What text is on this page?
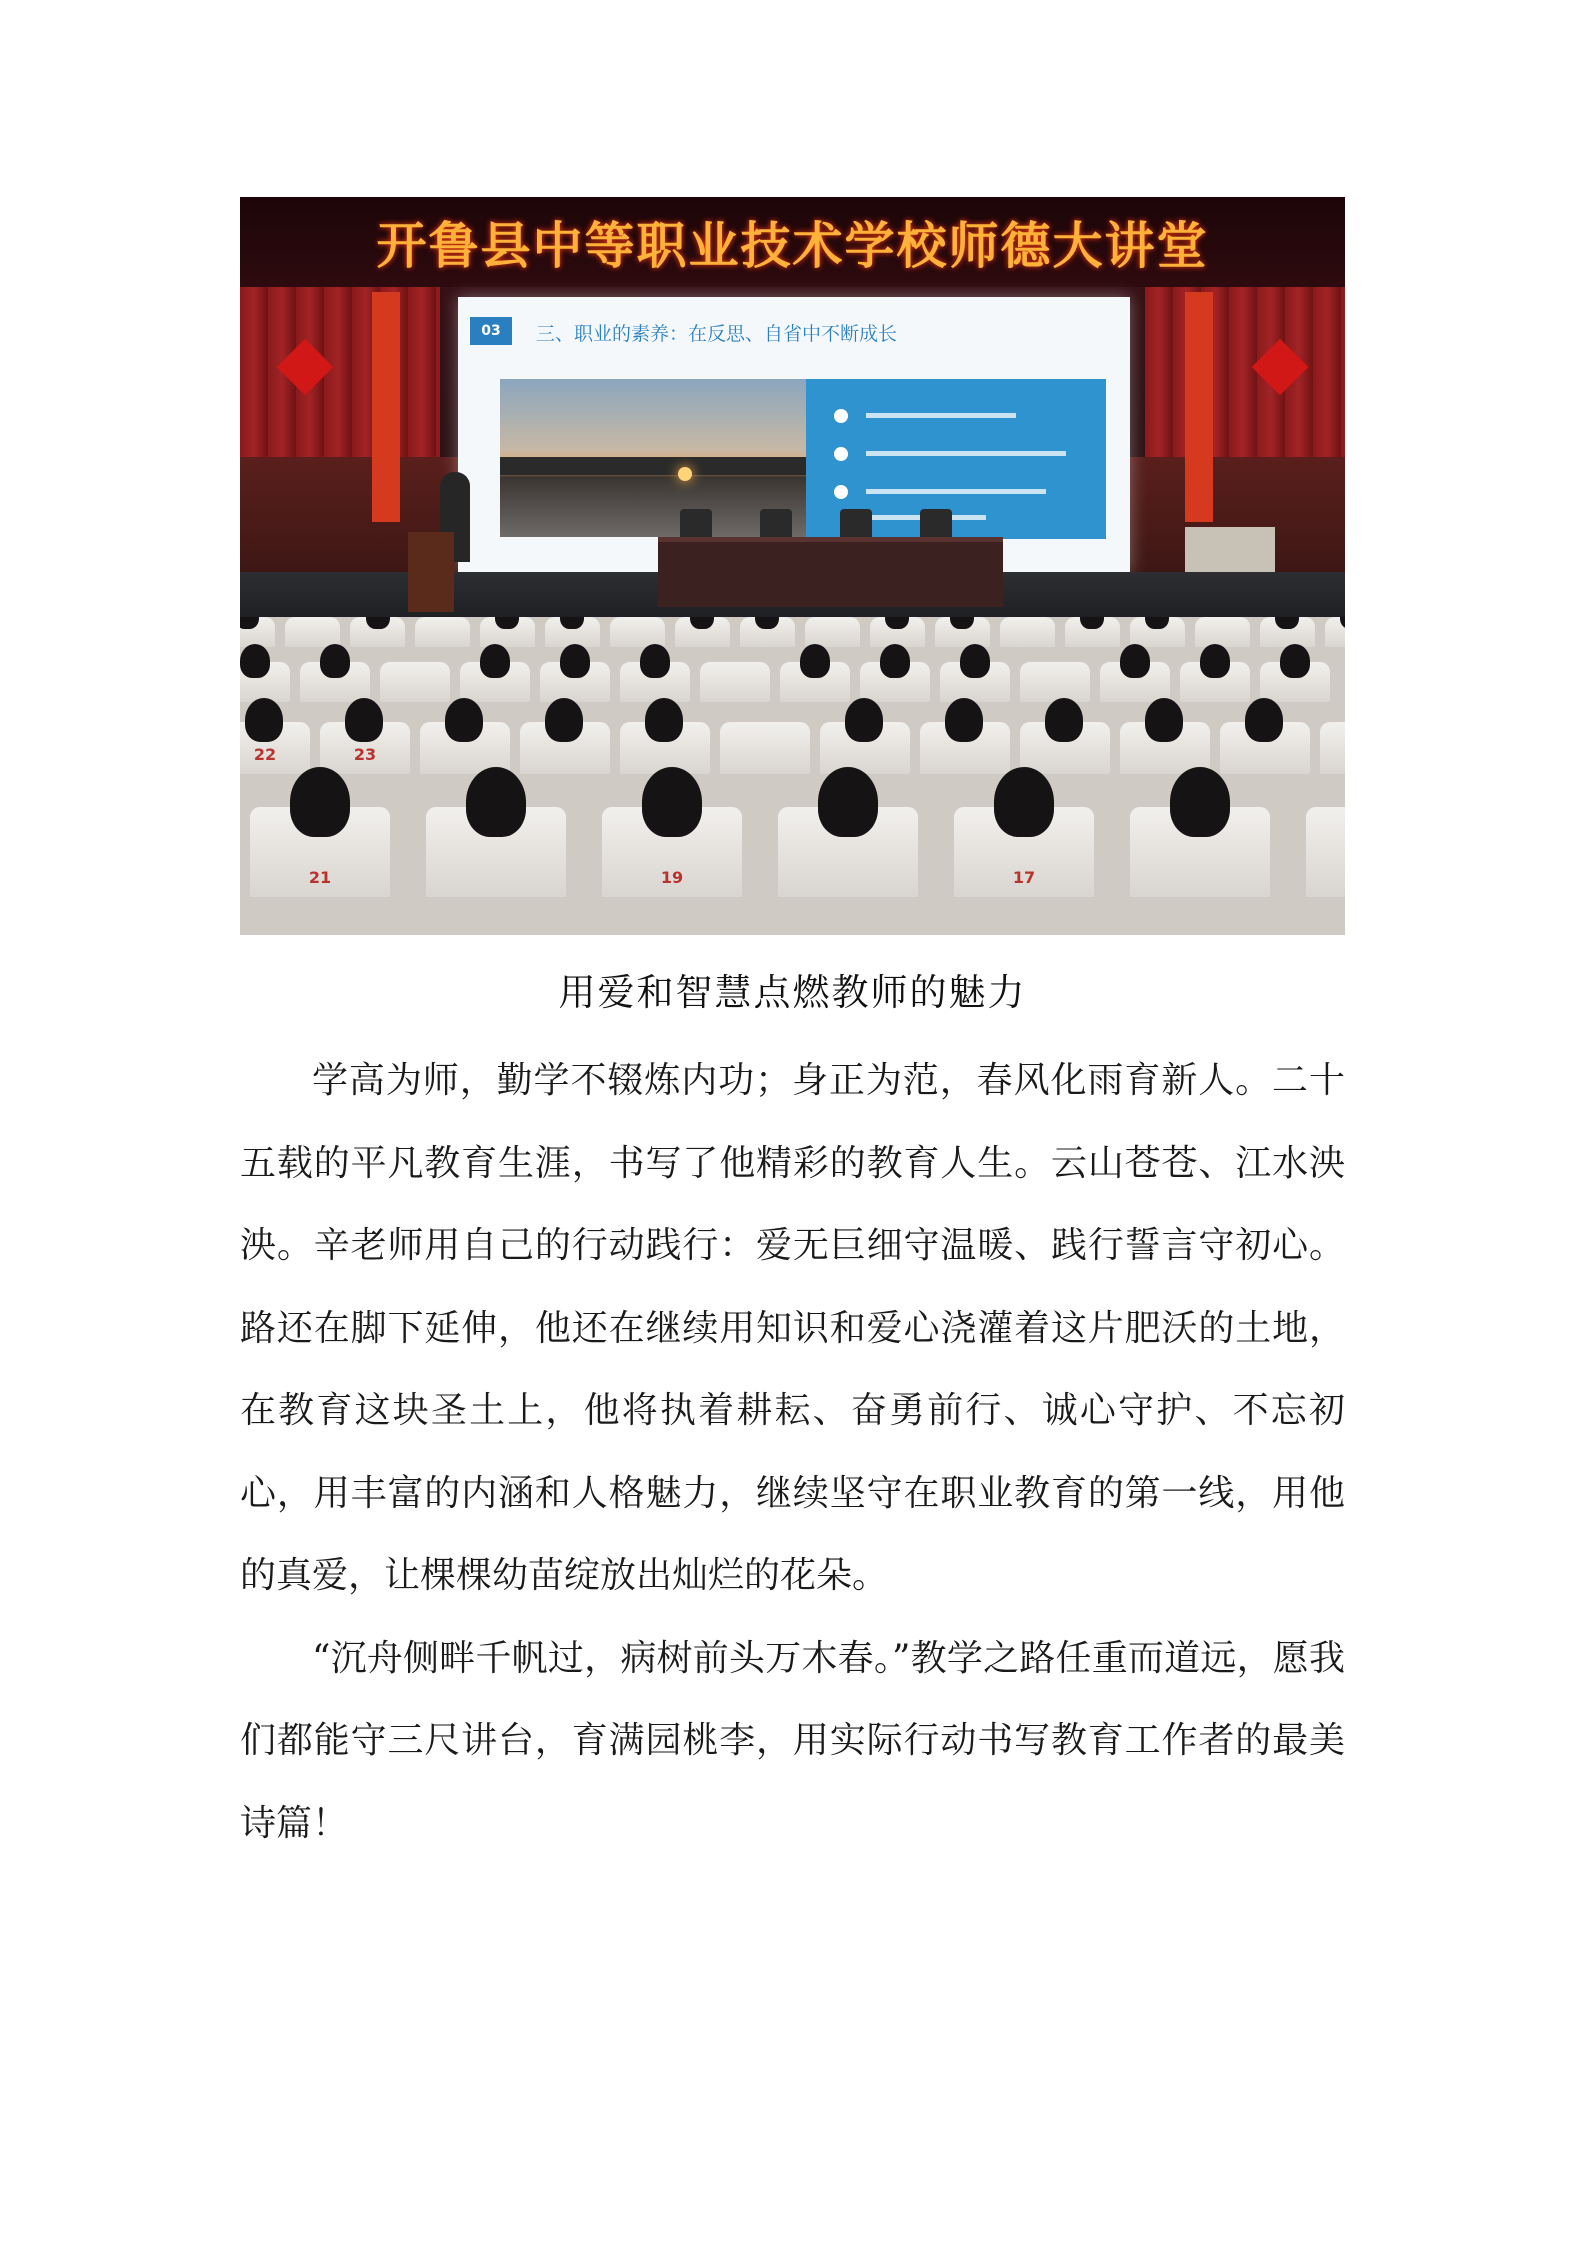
开鲁县中等职业技术学校师德大讲堂
03	三、职业的素养：在反思、自省中不断成长
22	23
21	19	17
用爱和智慧点燃教师的魅力

学高为师，勤学不辍炼内功；身正为范，春风化雨育新人。二十五载的平凡教育生涯，书写了他精彩的教育人生。云山苍苍、江水泱泱。辛老师用自己的行动践行：爱无巨细守温暖、践行誓言守初心。路还在脚下延伸，他还在继续用知识和爱心浇灌着这片肥沃的土地，在教育这块圣土上，他将执着耕耘、奋勇前行、诚心守护、不忘初心，用丰富的内涵和人格魅力，继续坚守在职业教育的第一线，用他的真爱，让棵棵幼苗绽放出灿烂的花朵。

“沉舟侧畔千帆过，病树前头万木春。”教学之路任重而道远，愿我们都能守三尺讲台，育满园桃李，用实际行动书写教育工作者的最美诗篇！
